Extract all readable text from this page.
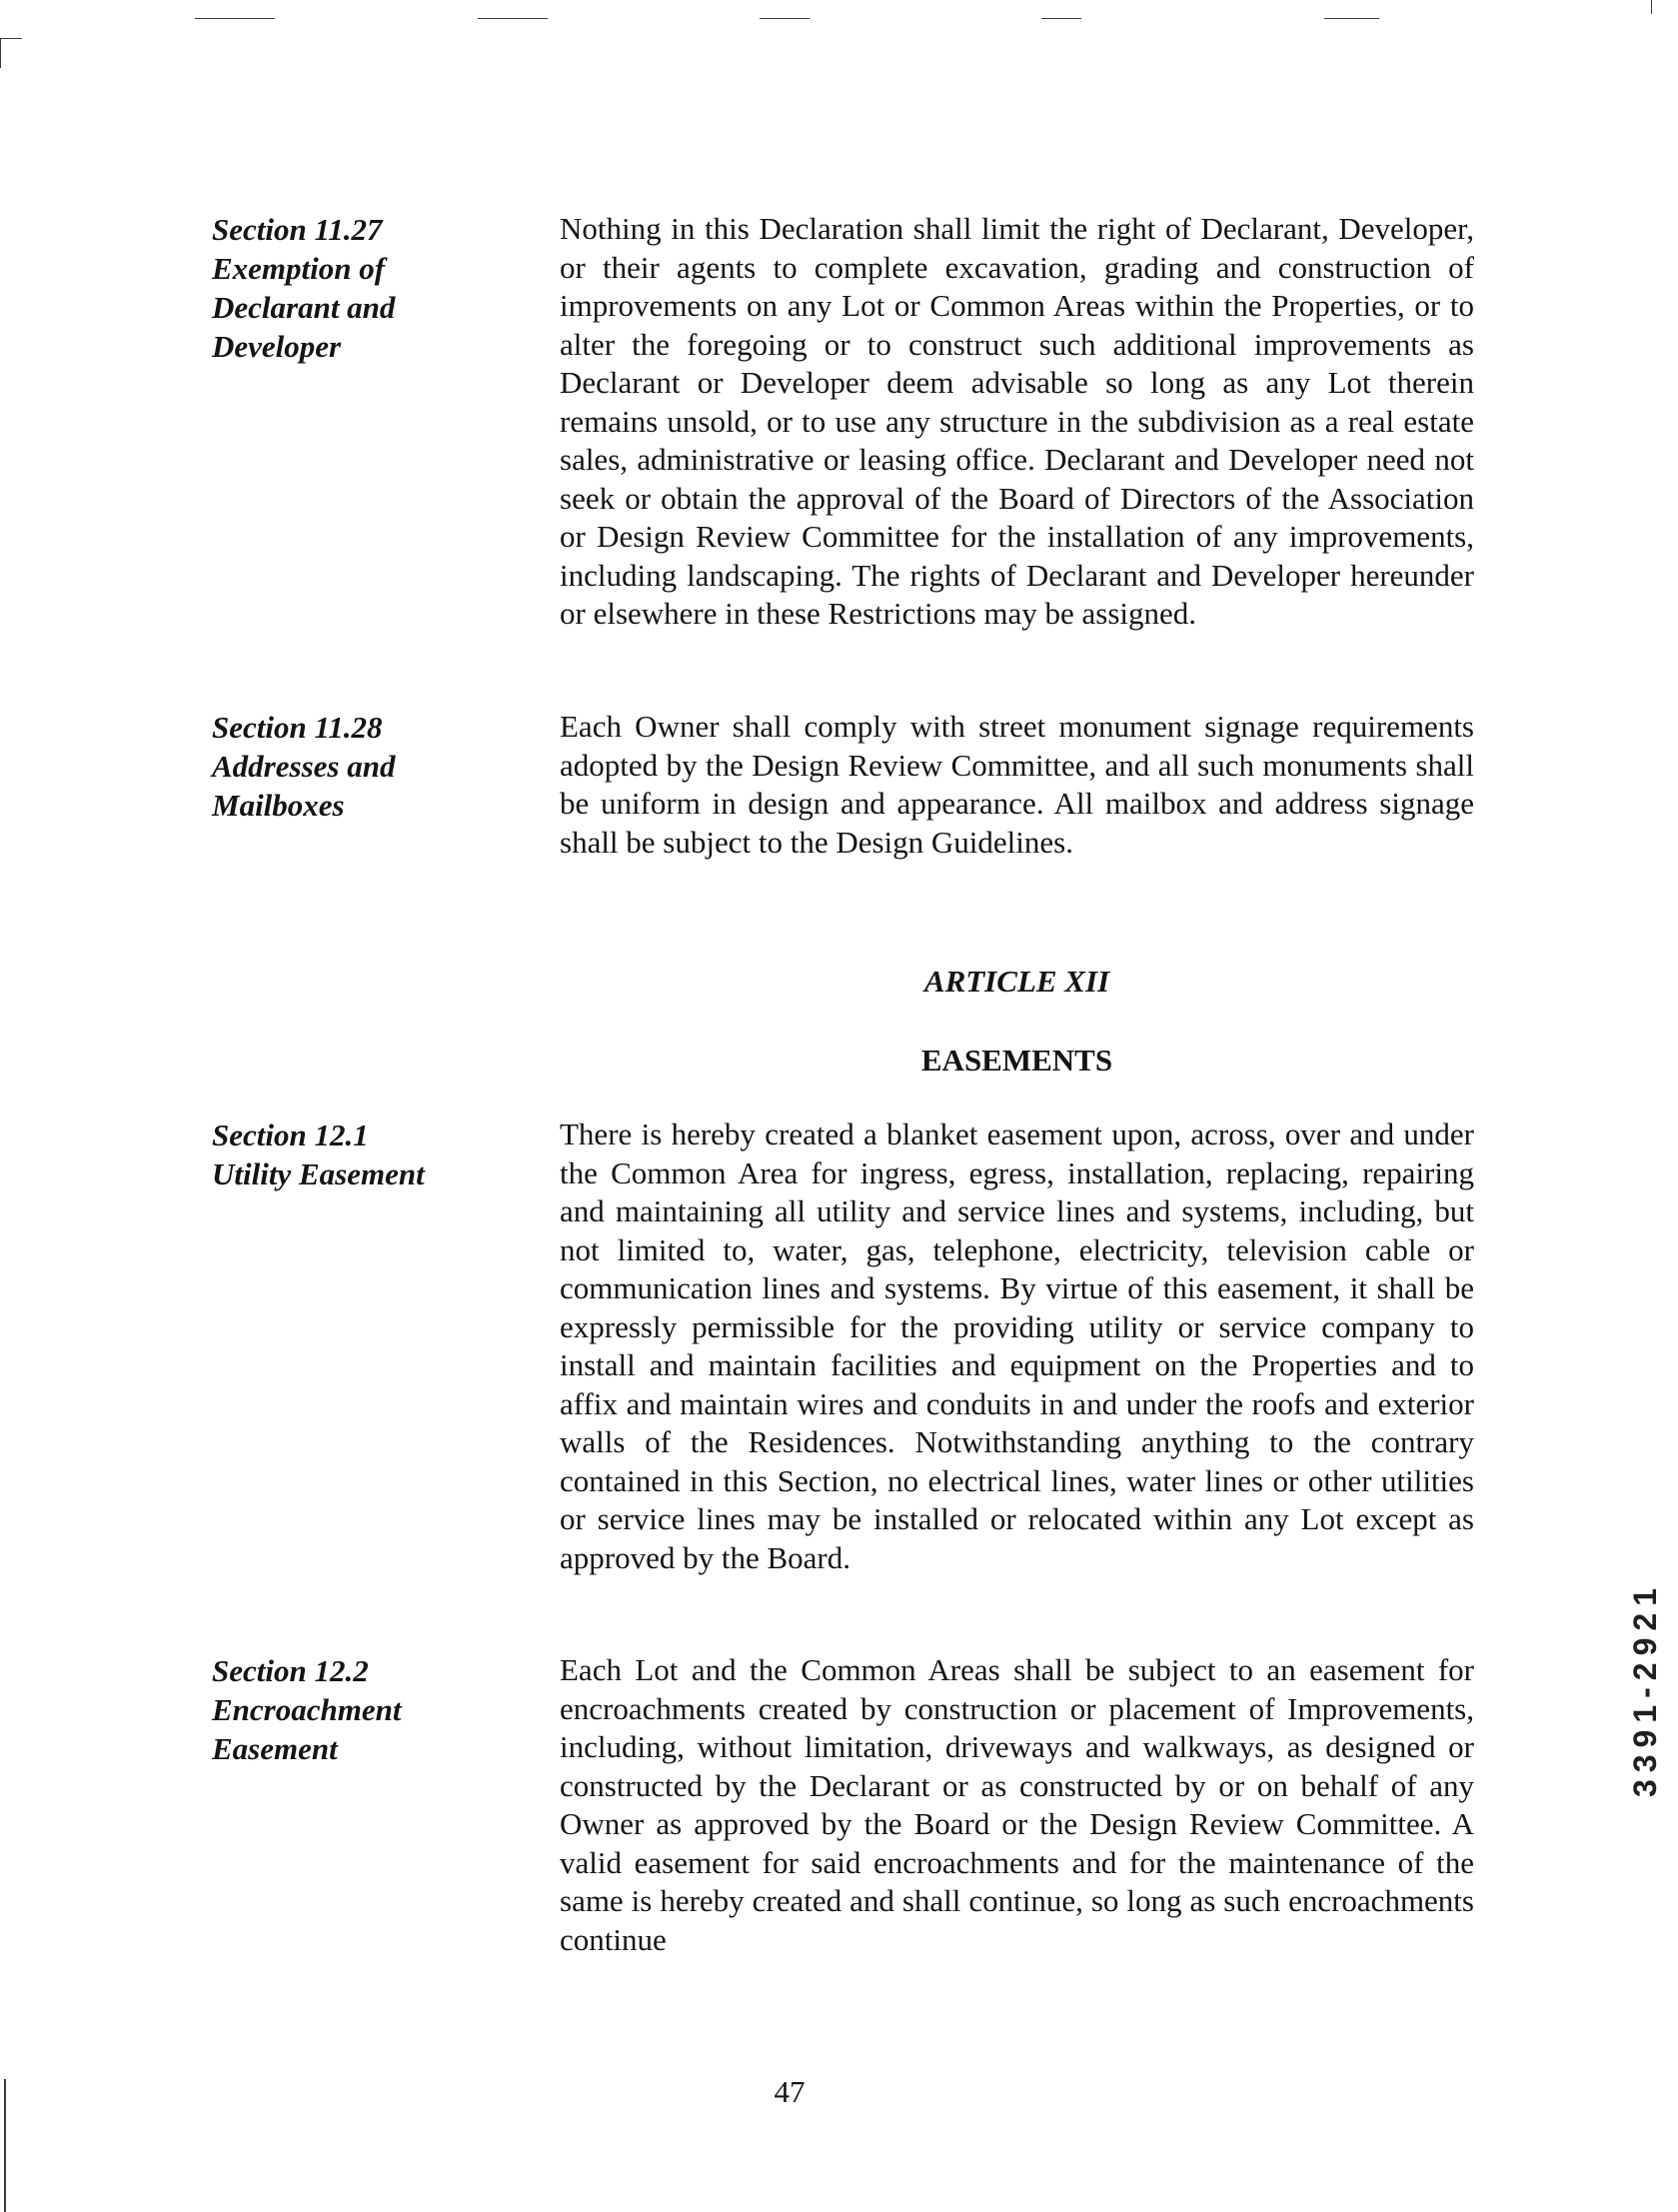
Section 11.27
Exemption of
Declarant and
Developer
Nothing in this Declaration shall limit the right of Declarant, Developer, or their agents to complete excavation, grading and construction of improvements on any Lot or Common Areas within the Properties, or to alter the foregoing or to construct such additional improvements as Declarant or Developer deem advisable so long as any Lot therein remains unsold, or to use any structure in the subdivision as a real estate sales, administrative or leasing office. Declarant and Developer need not seek or obtain the approval of the Board of Directors of the Association or Design Review Committee for the installation of any improvements, including landscaping. The rights of Declarant and Developer hereunder or elsewhere in these Restrictions may be assigned.
Section 11.28
Addresses and
Mailboxes
Each Owner shall comply with street monument signage requirements adopted by the Design Review Committee, and all such monuments shall be uniform in design and appearance. All mailbox and address signage shall be subject to the Design Guidelines.
ARTICLE XII
EASEMENTS
Section 12.1
Utility Easement
There is hereby created a blanket easement upon, across, over and under the Common Area for ingress, egress, installation, replacing, repairing and maintaining all utility and service lines and systems, including, but not limited to, water, gas, telephone, electricity, television cable or communication lines and systems. By virtue of this easement, it shall be expressly permissible for the providing utility or service company to install and maintain facilities and equipment on the Properties and to affix and maintain wires and conduits in and under the roofs and exterior walls of the Residences. Notwithstanding anything to the contrary contained in this Section, no electrical lines, water lines or other utilities or service lines may be installed or relocated within any Lot except as approved by the Board.
Section 12.2
Encroachment
Easement
Each Lot and the Common Areas shall be subject to an easement for encroachments created by construction or placement of Improvements, including, without limitation, driveways and walkways, as designed or constructed by the Declarant or as constructed by or on behalf of any Owner as approved by the Board or the Design Review Committee. A valid easement for said encroachments and for the maintenance of the same is hereby created and shall continue, so long as such encroachments continue
47
3391-2921
